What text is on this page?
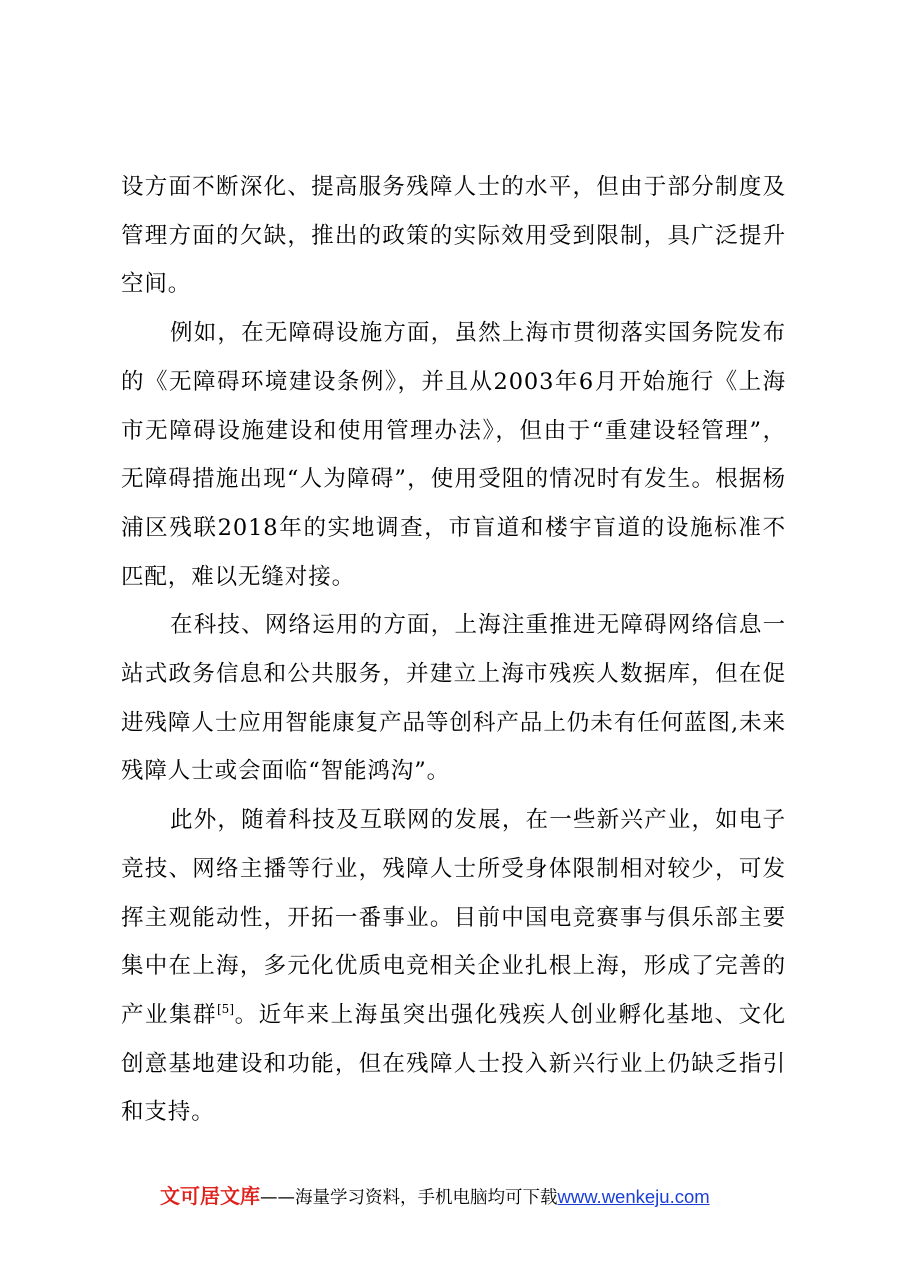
设方面不断深化、提高服务残障人士的水平，但由于部分制度及管理方面的欠缺，推出的政策的实际效用受到限制，具广泛提升空间。

例如，在无障碍设施方面，虽然上海市贯彻落实国务院发布的《无障碍环境建设条例》，并且从2003年6月开始施行《上海市无障碍设施建设和使用管理办法》，但由于“重建设轻管理”，无障碍措施出现“人为障碍”，使用受阻的情况时有发生。根据杨浦区残联2018年的实地调查，市盲道和楼宇盲道的设施标准不匹配，难以无缝对接。

在科技、网络运用的方面，上海注重推进无障碍网络信息一站式政务信息和公共服务，并建立上海市残疾人数据库，但在促进残障人士应用智能康复产品等创科产品上仍未有任何蓝图,未来残障人士或会面临“智能鸿沟”。

此外，随着科技及互联网的发展，在一些新兴产业，如电子竞技、网络主播等行业，残障人士所受身体限制相对较少，可发挥主观能动性，开拓一番事业。目前中国电竞赛事与俱乐部主要集中在上海，多元化优质电竞相关企业扎根上海，形成了完善的产业集群[5]。近年来上海虽突出强化残疾人创业孵化基地、文化创意基地建设和功能，但在残障人士投入新兴行业上仍缺乏指引和支持。

文可居文库——海量学习资料，手机电脑均可下载www.wenkeju.com
